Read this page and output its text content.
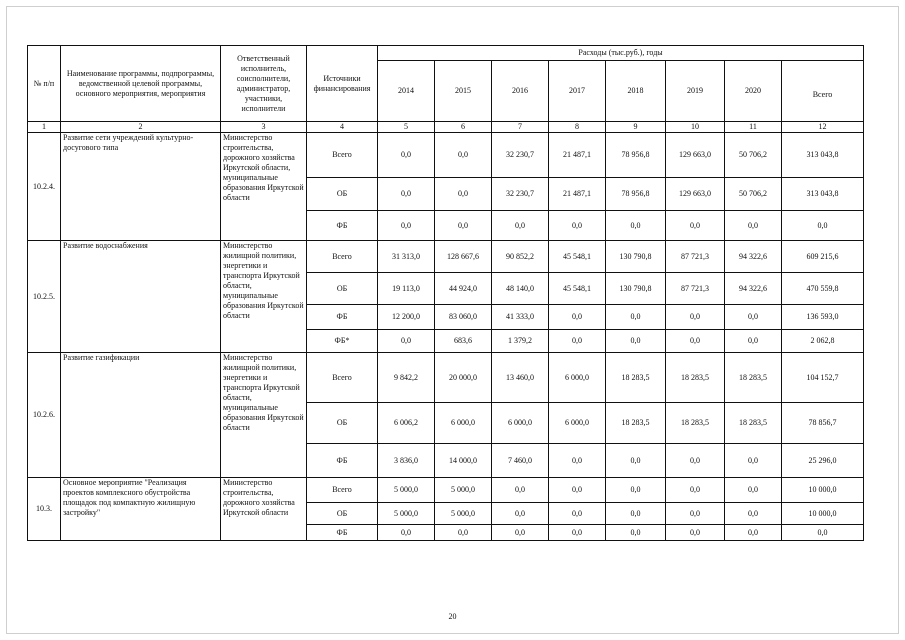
№ п/п	Наименование программы, подпрограммы, ведомственной целевой программы, основного мероприятия, мероприятия	Ответственный исполнитель, соисполнители, администратор, участники, исполнители	Источники финансирования	Расходы (тыс.руб.), годы							
				2014	2015	2016	2017	2018	2019	2020	Всего
1	2	3	4	5	6	7	8	9	10	11	12
10.2.4.	Развитие сети учреждений культурно-досугового типа	Министерство строительства, дорожного хозяйства Иркутской области, муниципальные образования Иркутской области	Всего	0,0	0,0	32 230,7	21 487,1	78 956,8	129 663,0	50 706,2	313 043,8
			ОБ	0,0	0,0	32 230,7	21 487,1	78 956,8	129 663,0	50 706,2	313 043,8
			ФБ	0,0	0,0	0,0	0,0	0,0	0,0	0,0	0,0
10.2.5.	Развитие водоснабжения	Министерство жилищной политики, энергетики и транспорта Иркутской области, муниципальные образования Иркутской области	Всего	31 313,0	128 667,6	90 852,2	45 548,1	130 790,8	87 721,3	94 322,6	609 215,6
			ОБ	19 113,0	44 924,0	48 140,0	45 548,1	130 790,8	87 721,3	94 322,6	470 559,8
			ФБ	12 200,0	83 060,0	41 333,0	0,0	0,0	0,0	0,0	136 593,0
			ФБ*	0,0	683,6	1 379,2	0,0	0,0	0,0	0,0	2 062,8
10.2.6.	Развитие газификации	Министерство жилищной политики, энергетики и транспорта Иркутской области, муниципальные образования Иркутской области	Всего	9 842,2	20 000,0	13 460,0	6 000,0	18 283,5	18 283,5	18 283,5	104 152,7
			ОБ	6 006,2	6 000,0	6 000,0	6 000,0	18 283,5	18 283,5	18 283,5	78 856,7
			ФБ	3 836,0	14 000,0	7 460,0	0,0	0,0	0,0	0,0	25 296,0
10.3.	Основное мероприятие "Реализация проектов комплексного обустройства площадок под компактную жилищную застройку"	Министерство строительства, дорожного хозяйства Иркутской области	Всего	5 000,0	5 000,0	0,0	0,0	0,0	0,0	0,0	10 000,0
			ОБ	5 000,0	5 000,0	0,0	0,0	0,0	0,0	0,0	10 000,0
			ФБ	0,0	0,0	0,0	0,0	0,0	0,0	0,0	0,0
20
